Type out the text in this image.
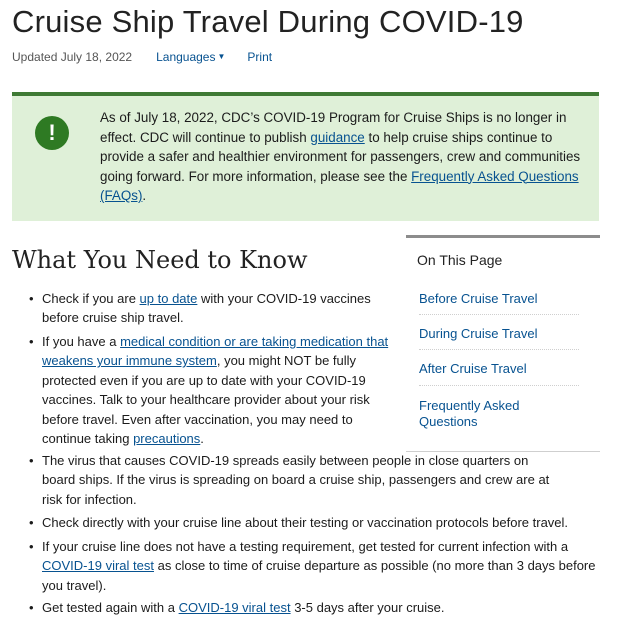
Cruise Ship Travel During COVID-19
Updated July 18, 2022 Languages ▼ Print
!
As of July 18, 2022, CDC’s COVID-19 Program for Cruise Ships is no longer in effect. CDC will continue to publish guidance to help cruise ships continue to provide a safer and healthier environment for passengers, crew and communities going forward. For more information, please see the Frequently Asked Questions (FAQs).
What You Need to Know	On This Page
Before Cruise Travel
During Cruise Travel
After Cruise Travel
Frequently Asked Questions
• Check if you are up to date with your COVID-19 vaccines before cruise ship travel.
• If you have a medical condition or are taking medication that weakens your immune system, you might NOT be fully protected even if you are up to date with your COVID-19 vaccines. Talk to your healthcare provider about your risk before travel. Even after vaccination, you may need to continue taking precautions.
• The virus that causes COVID-19 spreads easily between people in close quarters on board ships. If the virus is spreading on board a cruise ship, passengers and crew are at risk for infection.
• Check directly with your cruise line about their testing or vaccination protocols before travel.
• If your cruise line does not have a testing requirement, get tested for current infection with a COVID-19 viral test as close to time of cruise departure as possible (no more than 3 days before you travel).
• Get tested again with a COVID-19 viral test 3-5 days after your cruise.
